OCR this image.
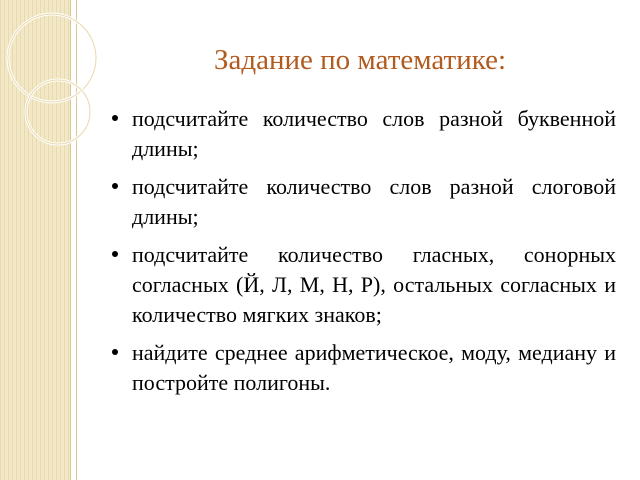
Задание по математике:
подсчитайте количество слов разной буквенной длины;
подсчитайте количество слов разной слоговой длины;
подсчитайте количество гласных, сонорных согласных (Й, Л, М, Н, Р), остальных согласных и количество мягких знаков;
найдите среднее арифметическое, моду, медиану и постройте полигоны.
